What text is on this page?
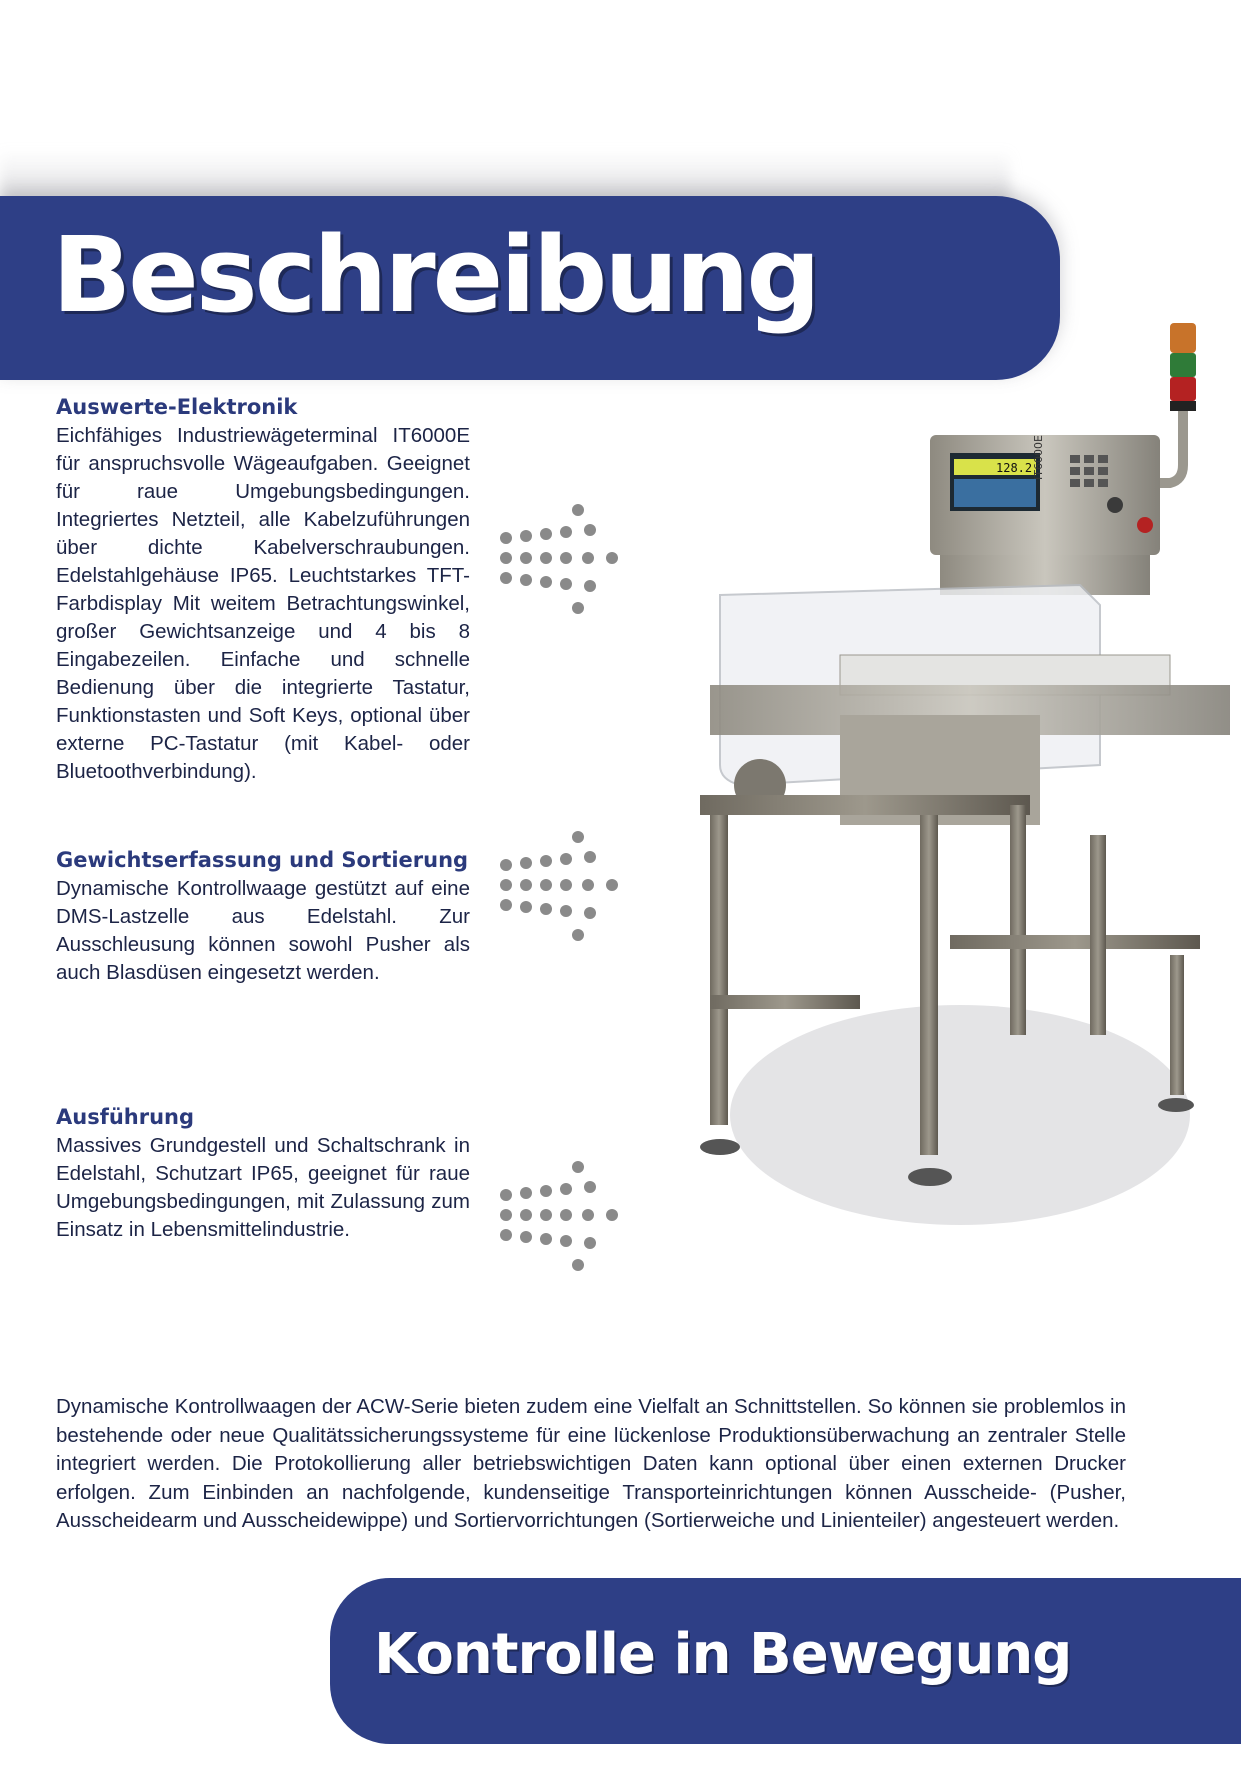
Beschreibung
Auswerte-Elektronik

Eichfähiges Industriewägeterminal IT6000E für anspruchsvolle Wägeaufgaben. Geeignet für raue Umgebungsbedingungen. Integriertes Netzteil, alle Kabelzuführungen über dichte Kabelverschraubungen. Edelstahlgehäuse IP65. Leuchtstarkes TFT-Farbdisplay Mit weitem Betrachtungswinkel, großer Gewichtsanzeige und 4 bis 8 Eingabezeilen. Einfache und schnelle Bedienung über die integrierte Tastatur, Funktionstasten und Soft Keys, optional über externe PC-Tastatur (mit Kabel- oder Bluetoothverbindung).

Gewichtserfassung und Sortierung

Dynamische Kontrollwaage gestützt auf eine DMS-Lastzelle aus Edelstahl. Zur Ausschleusung können sowohl Pusher als auch Blasdüsen eingesetzt werden.

Ausführung

Massives Grundgestell und Schaltschrank in Edelstahl, Schutzart IP65, geeignet für raue Umgebungsbedingungen, mit Zulassung zum Einsatz in Lebensmittelindustrie.

128.2 IT6000E

Dynamische Kontrollwaagen der ACW-Serie bieten zudem eine Vielfalt an Schnittstellen. So können sie problemlos in bestehende oder neue Qualitätssicherungssysteme für eine lückenlose Produktionsüberwachung an zentraler Stelle integriert werden. Die Protokollierung aller betriebswichtigen Daten kann optional über einen externen Drucker erfolgen. Zum Einbinden an nachfolgende, kundenseitige Transporteinrichtungen können Ausscheide- (Pusher, Ausscheidearm und Ausscheidewippe) und Sortiervorrichtungen (Sortierweiche und Linienteiler) angesteuert werden.

Kontrolle in Bewegung
